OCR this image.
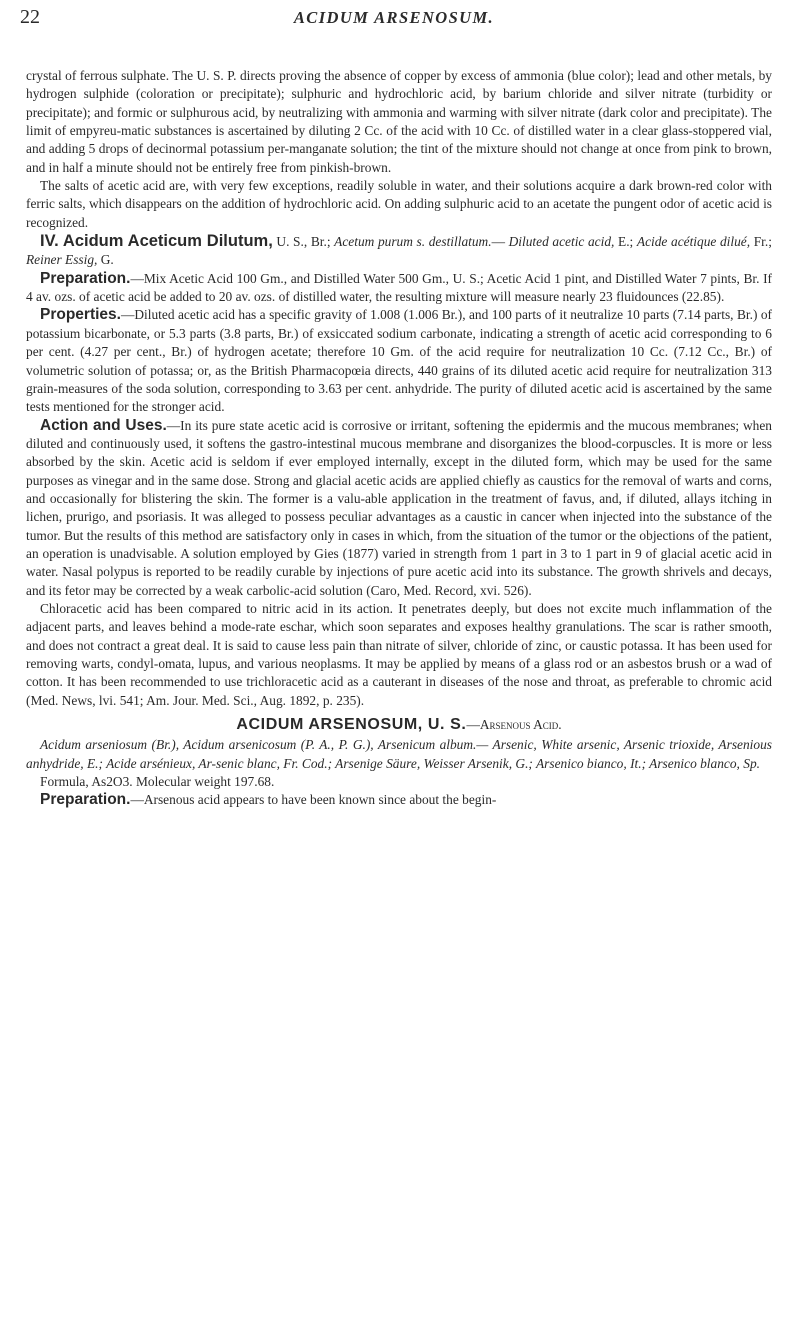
22	ACIDUM ARSENOSUM.

crystal of ferrous sulphate. The U. S. P. directs proving the absence of copper by excess of ammonia (blue color); lead and other metals, by hydrogen sulphide (coloration or precipitate); sulphuric and hydrochloric acid, by barium chloride and silver nitrate (turbidity or precipitate); and formic or sulphurous acid, by neutralizing with ammonia and warming with silver nitrate (dark color and precipitate). The limit of empyreu-matic substances is ascertained by diluting 2 Cc. of the acid with 10 Cc. of distilled water in a clear glass-stoppered vial, and adding 5 drops of decinormal potassium per-manganate solution; the tint of the mixture should not change at once from pink to brown, and in half a minute should not be entirely free from pinkish-brown.

The salts of acetic acid are, with very few exceptions, readily soluble in water, and their solutions acquire a dark brown-red color with ferric salts, which disappears on the addition of hydrochloric acid. On adding sulphuric acid to an acetate the pungent odor of acetic acid is recognized.

IV. Acidum Aceticum Dilutum, U. S., Br.; Acetum purum s. destillatum.— Diluted acetic acid, E.; Acide acétique dilué, Fr.; Reiner Essig, G.

Preparation.—Mix Acetic Acid 100 Gm., and Distilled Water 500 Gm., U. S.; Acetic Acid 1 pint, and Distilled Water 7 pints, Br. If 4 av. ozs. of acetic acid be added to 20 av. ozs. of distilled water, the resulting mixture will measure nearly 23 fluidounces (22.85).

Properties.—Diluted acetic acid has a specific gravity of 1.008 (1.006 Br.), and 100 parts of it neutralize 10 parts (7.14 parts, Br.) of potassium bicarbonate, or 5.3 parts (3.8 parts, Br.) of exsiccated sodium carbonate, indicating a strength of acetic acid corresponding to 6 per cent. (4.27 per cent., Br.) of hydrogen acetate; therefore 10 Gm. of the acid require for neutralization 10 Cc. (7.12 Cc., Br.) of volumetric solution of potassa; or, as the British Pharmacopœia directs, 440 grains of its diluted acetic acid require for neutralization 313 grain-measures of the soda solution, corresponding to 3.63 per cent. anhydride. The purity of diluted acetic acid is ascertained by the same tests mentioned for the stronger acid.

Action and Uses.—In its pure state acetic acid is corrosive or irritant, softening the epidermis and the mucous membranes; when diluted and continuously used, it softens the gastro-intestinal mucous membrane and disorganizes the blood-corpuscles. It is more or less absorbed by the skin. Acetic acid is seldom if ever employed internally, except in the diluted form, which may be used for the same purposes as vinegar and in the same dose. Strong and glacial acetic acids are applied chiefly as caustics for the removal of warts and corns, and occasionally for blistering the skin. The former is a valu-able application in the treatment of favus, and, if diluted, allays itching in lichen, prurigo, and psoriasis. It was alleged to possess peculiar advantages as a caustic in cancer when injected into the substance of the tumor. But the results of this method are satisfactory only in cases in which, from the situation of the tumor or the objections of the patient, an operation is unadvisable. A solution employed by Gies (1877) varied in strength from 1 part in 3 to 1 part in 9 of glacial acetic acid in water. Nasal polypus is reported to be readily curable by injections of pure acetic acid into its substance. The growth shrivels and decays, and its fetor may be corrected by a weak carbolic-acid solution (Caro, Med. Record, xvi. 526).

Chloracetic acid has been compared to nitric acid in its action. It penetrates deeply, but does not excite much inflammation of the adjacent parts, and leaves behind a mode-rate eschar, which soon separates and exposes healthy granulations. The scar is rather smooth, and does not contract a great deal. It is said to cause less pain than nitrate of silver, chloride of zinc, or caustic potassa. It has been used for removing warts, condyl-omata, lupus, and various neoplasms. It may be applied by means of a glass rod or an asbestos brush or a wad of cotton. It has been recommended to use trichloracetic acid as a cauterant in diseases of the nose and throat, as preferable to chromic acid (Med. News, lvi. 541; Am. Jour. Med. Sci., Aug. 1892, p. 235).

ACIDUM ARSENOSUM, U. S.—Arsenous Acid.

Acidum arseniosum (Br.), Acidum arsenicosum (P. A., P. G.), Arsenicum album.— Arsenic, White arsenic, Arsenic trioxide, Arsenious anhydride, E.; Acide arsénieux, Ar-senic blanc, Fr. Cod.; Arsenige Säure, Weisser Arsenik, G.; Arsenico bianco, It.; Arsenico blanco, Sp.

Formula, As2O3. Molecular weight 197.68.

Preparation.—Arsenous acid appears to have been known since about the begin-
